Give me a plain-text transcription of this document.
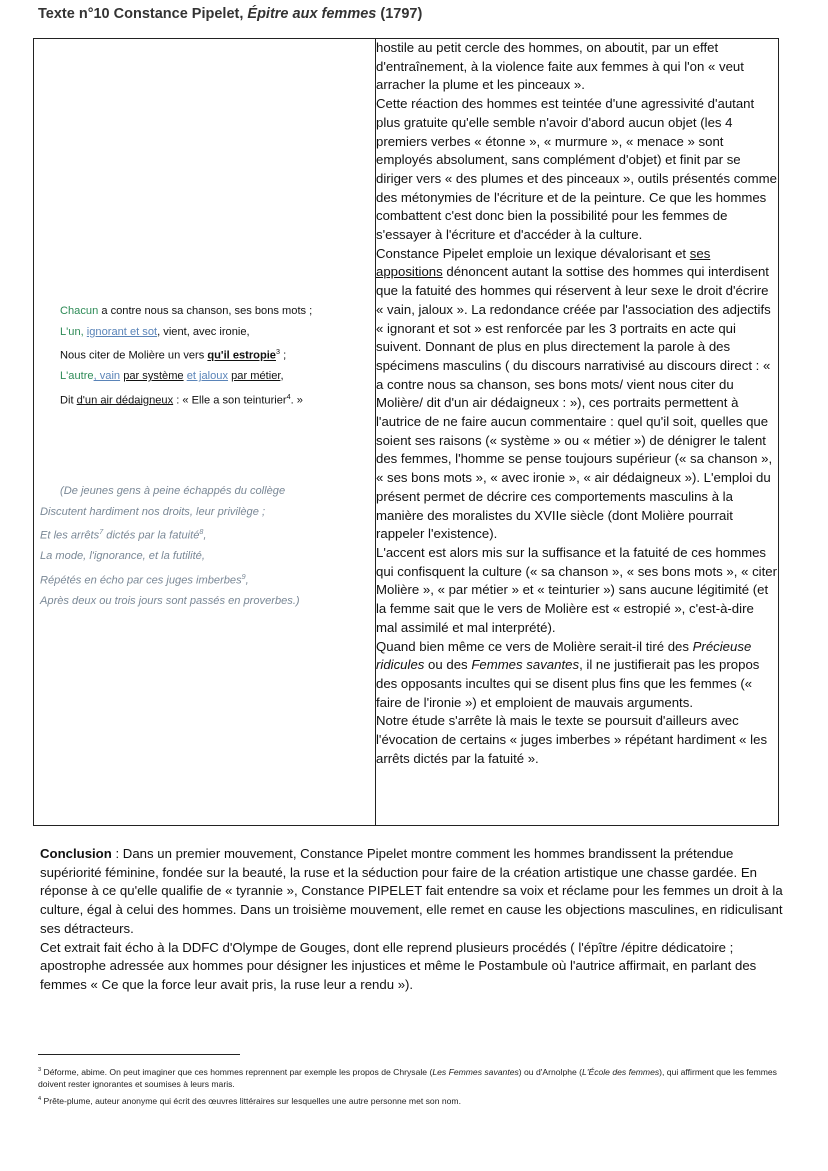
Texte n°10 Constance Pipelet, Épitre aux femmes (1797)
Chacun a contre nous sa chanson, ses bons mots ;
L'un, ignorant et sot, vient, avec ironie,
Nous citer de Molière un vers qu'il estropie$^3$ ;
L'autre, vain par système et jaloux par métier,
Dit d'un air dédaigneux : « Elle a son teinturier$^4$. »
(De jeunes gens à peine échappés du collège
Discutent hardiment nos droits, leur privilège ;
Et les arrêts$^7$ dictés par la fatuité$^8$,
La mode, l'ignorance, et la futilité,
Répétés en écho par ces juges imberbes$^9$,
Après deux ou trois jours sont passés en proverbes.)

hostile au petit cercle des hommes, on aboutit, par un effet d'entraînement, à la violence faite aux femmes à qui l'on « veut arracher la plume et les pinceaux ».

Cette réaction des hommes est teintée d'une agressivité d'autant plus gratuite qu'elle semble n'avoir d'abord aucun objet (les 4 premiers verbes « étonne », « murmure », « menace » sont employés absolument, sans complément d'objet) et finit par se diriger vers « des plumes et des pinceaux », outils présentés comme des métonymies de l'écriture et de la peinture. Ce que les hommes combattent c'est donc bien la possibilité pour les femmes de s'essayer à l'écriture et d'accéder à la culture.

Constance Pipelet emploie un lexique dévalorisant et ses appositions dénoncent autant la sottise des hommes qui interdisent que la fatuité des hommes qui réservent à leur sexe le droit d'écrire « vain, jaloux ». La redondance créée par l'association des adjectifs « ignorant et sot » est renforcée par les 3 portraits en acte qui suivent. Donnant de plus en plus directement la parole à des spécimens masculins ( du discours narrativisé au discours direct : « a contre nous sa chanson, ses bons mots/ vient nous citer du Molière/ dit d'un air dédaigneux : »), ces portraits permettent à l'autrice de ne faire aucun commentaire : quel qu'il soit, quelles que soient ses raisons (« système » ou « métier ») de dénigrer le talent des femmes, l'homme se pense toujours supérieur (« sa chanson », « ses bons mots », « avec ironie », « air dédaigneux »). L'emploi du présent permet de décrire ces comportements masculins à la manière des moralistes du XVIIe siècle (dont Molière pourrait rappeler l'existence).

L'accent est alors mis sur la suffisance et la fatuité de ces hommes qui confisquent la culture (« sa chanson », « ses bons mots », « citer Molière », « par métier » et « teinturier ») sans aucune légitimité (et la femme sait que le vers de Molière est « estropié », c'est-à-dire mal assimilé et mal interprété).

Quand bien même ce vers de Molière serait-il tiré des Précieuse ridicules ou des Femmes savantes, il ne justifierait pas les propos des opposants incultes qui se disent plus fins que les femmes (« faire de l'ironie ») et emploient de mauvais arguments.

Notre étude s'arrête là mais le texte se poursuit d'ailleurs avec l'évocation de certains « juges imberbes » répétant hardiment « les arrêts dictés par la fatuité ».

Conclusion : Dans un premier mouvement, Constance Pipelet montre comment les hommes brandissent la prétendue supériorité féminine, fondée sur la beauté, la ruse et la séduction pour faire de la création artistique une chasse gardée. En réponse à ce qu'elle qualifie de « tyrannie », Constance PIPELET fait entendre sa voix et réclame pour les femmes un droit à la culture, égal à celui des hommes. Dans un troisième mouvement, elle remet en cause les objections masculines, en ridiculisant ses détracteurs.

Cet extrait fait écho à la DDFC d'Olympe de Gouges, dont elle reprend plusieurs procédés ( l'épître /épitre dédicatoire ; apostrophe adressée aux hommes pour désigner les injustices et même le Postambule où l'autrice affirmait, en parlant des femmes « Ce que la force leur avait pris, la ruse leur a rendu »).

$^3$ Déforme, abime. On peut imaginer que ces hommes reprennent par exemple les propos de Chrysale (Les Femmes savantes) ou d'Arnolphe (L'École des femmes), qui affirment que les femmes doivent rester ignorantes et soumises à leurs maris.

$^4$ Prête-plume, auteur anonyme qui écrit des œuvres littéraires sur lesquelles une autre personne met son nom.
